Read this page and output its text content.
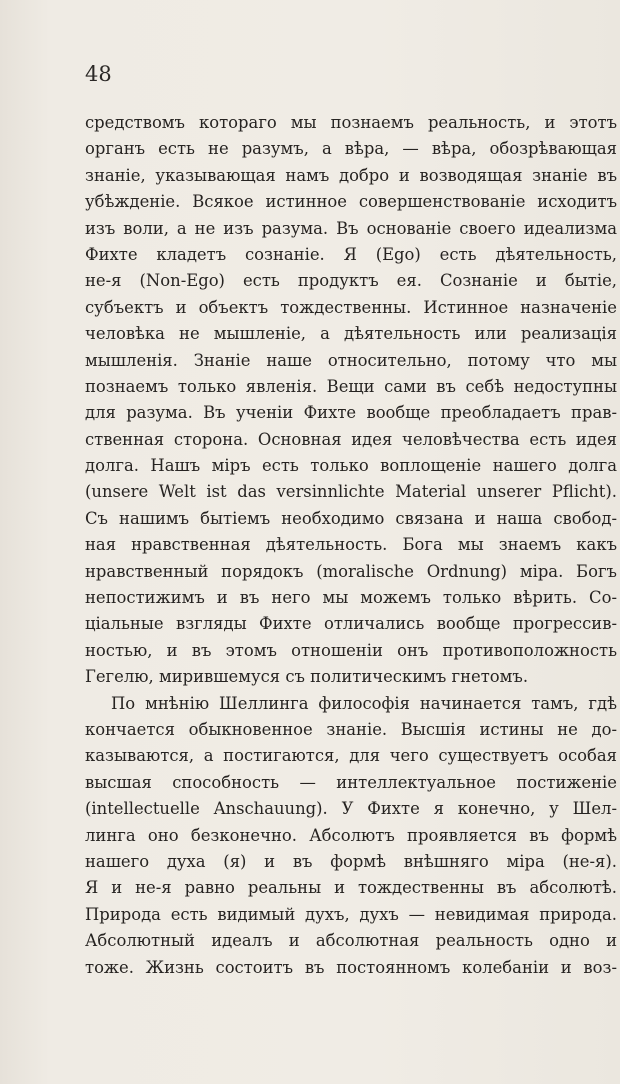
48
средствомъ котораго мы познаемъ реальность, и этотъ
органъ есть не разумъ, а вѣра, — вѣра, обозрѣвающая
знаніе, указывающая намъ добро и возводящая знаніе въ
убѣжденіе. Всякое истинное совершенствованіе исходитъ
изъ воли, а не изъ разума. Въ основаніе своего идеализма
Фихте кладетъ сознаніе. Я (Ego) есть дѣятельность,
не-я (Non-Ego) есть продуктъ ея. Сознаніе и бытіе,
субъектъ и объектъ тождественны. Истинное назначеніе
человѣка не мышленіе, а дѣятельность или реализація
мышленія. Знаніе наше относительно, потому что мы
познаемъ только явленія. Вещи сами въ себѣ недоступны
для разума. Въ ученіи Фихте вообще преобладаетъ прав-
ственная сторона. Основная идея человѣчества есть идея
долга. Нашъ міръ есть только воплощеніе нашего долга
(unsere Welt ist das versinnlichte Material unserer Pflicht).
Съ нашимъ бытіемъ необходимо связана и наша свобод-
ная нравственная дѣятельность. Бога мы знаемъ какъ
нравственный порядокъ (moralische Ordnung) міра. Богъ
непостижимъ и въ него мы можемъ только вѣрить. Со-
ціальные взгляды Фихте отличались вообще прогрессив-
ностью, и въ этомъ отношеніи онъ противоположность
Гегелю, мирившемуся съ политическимъ гнетомъ.
По мнѣнію Шеллинга философія начинается тамъ, гдѣ
кончается обыкновенное знаніе. Высшія истины не до-
казываются, а постигаются, для чего существуетъ особая
высшая способность — интеллектуальное постиженіе
(intellectuelle Anschauung). У Фихте я конечно, у Шел-
линга оно безконечно. Абсолютъ проявляется въ формѣ
нашего духа (я) и въ формѣ внѣшняго міра (не-я).
Я и не-я равно реальны и тождественны въ абсолютѣ.
Природа есть видимый духъ, духъ — невидимая природа.
Абсолютный идеалъ и абсолютная реальность одно и
тоже. Жизнь состоитъ въ постоянномъ колебаніи и воз-
